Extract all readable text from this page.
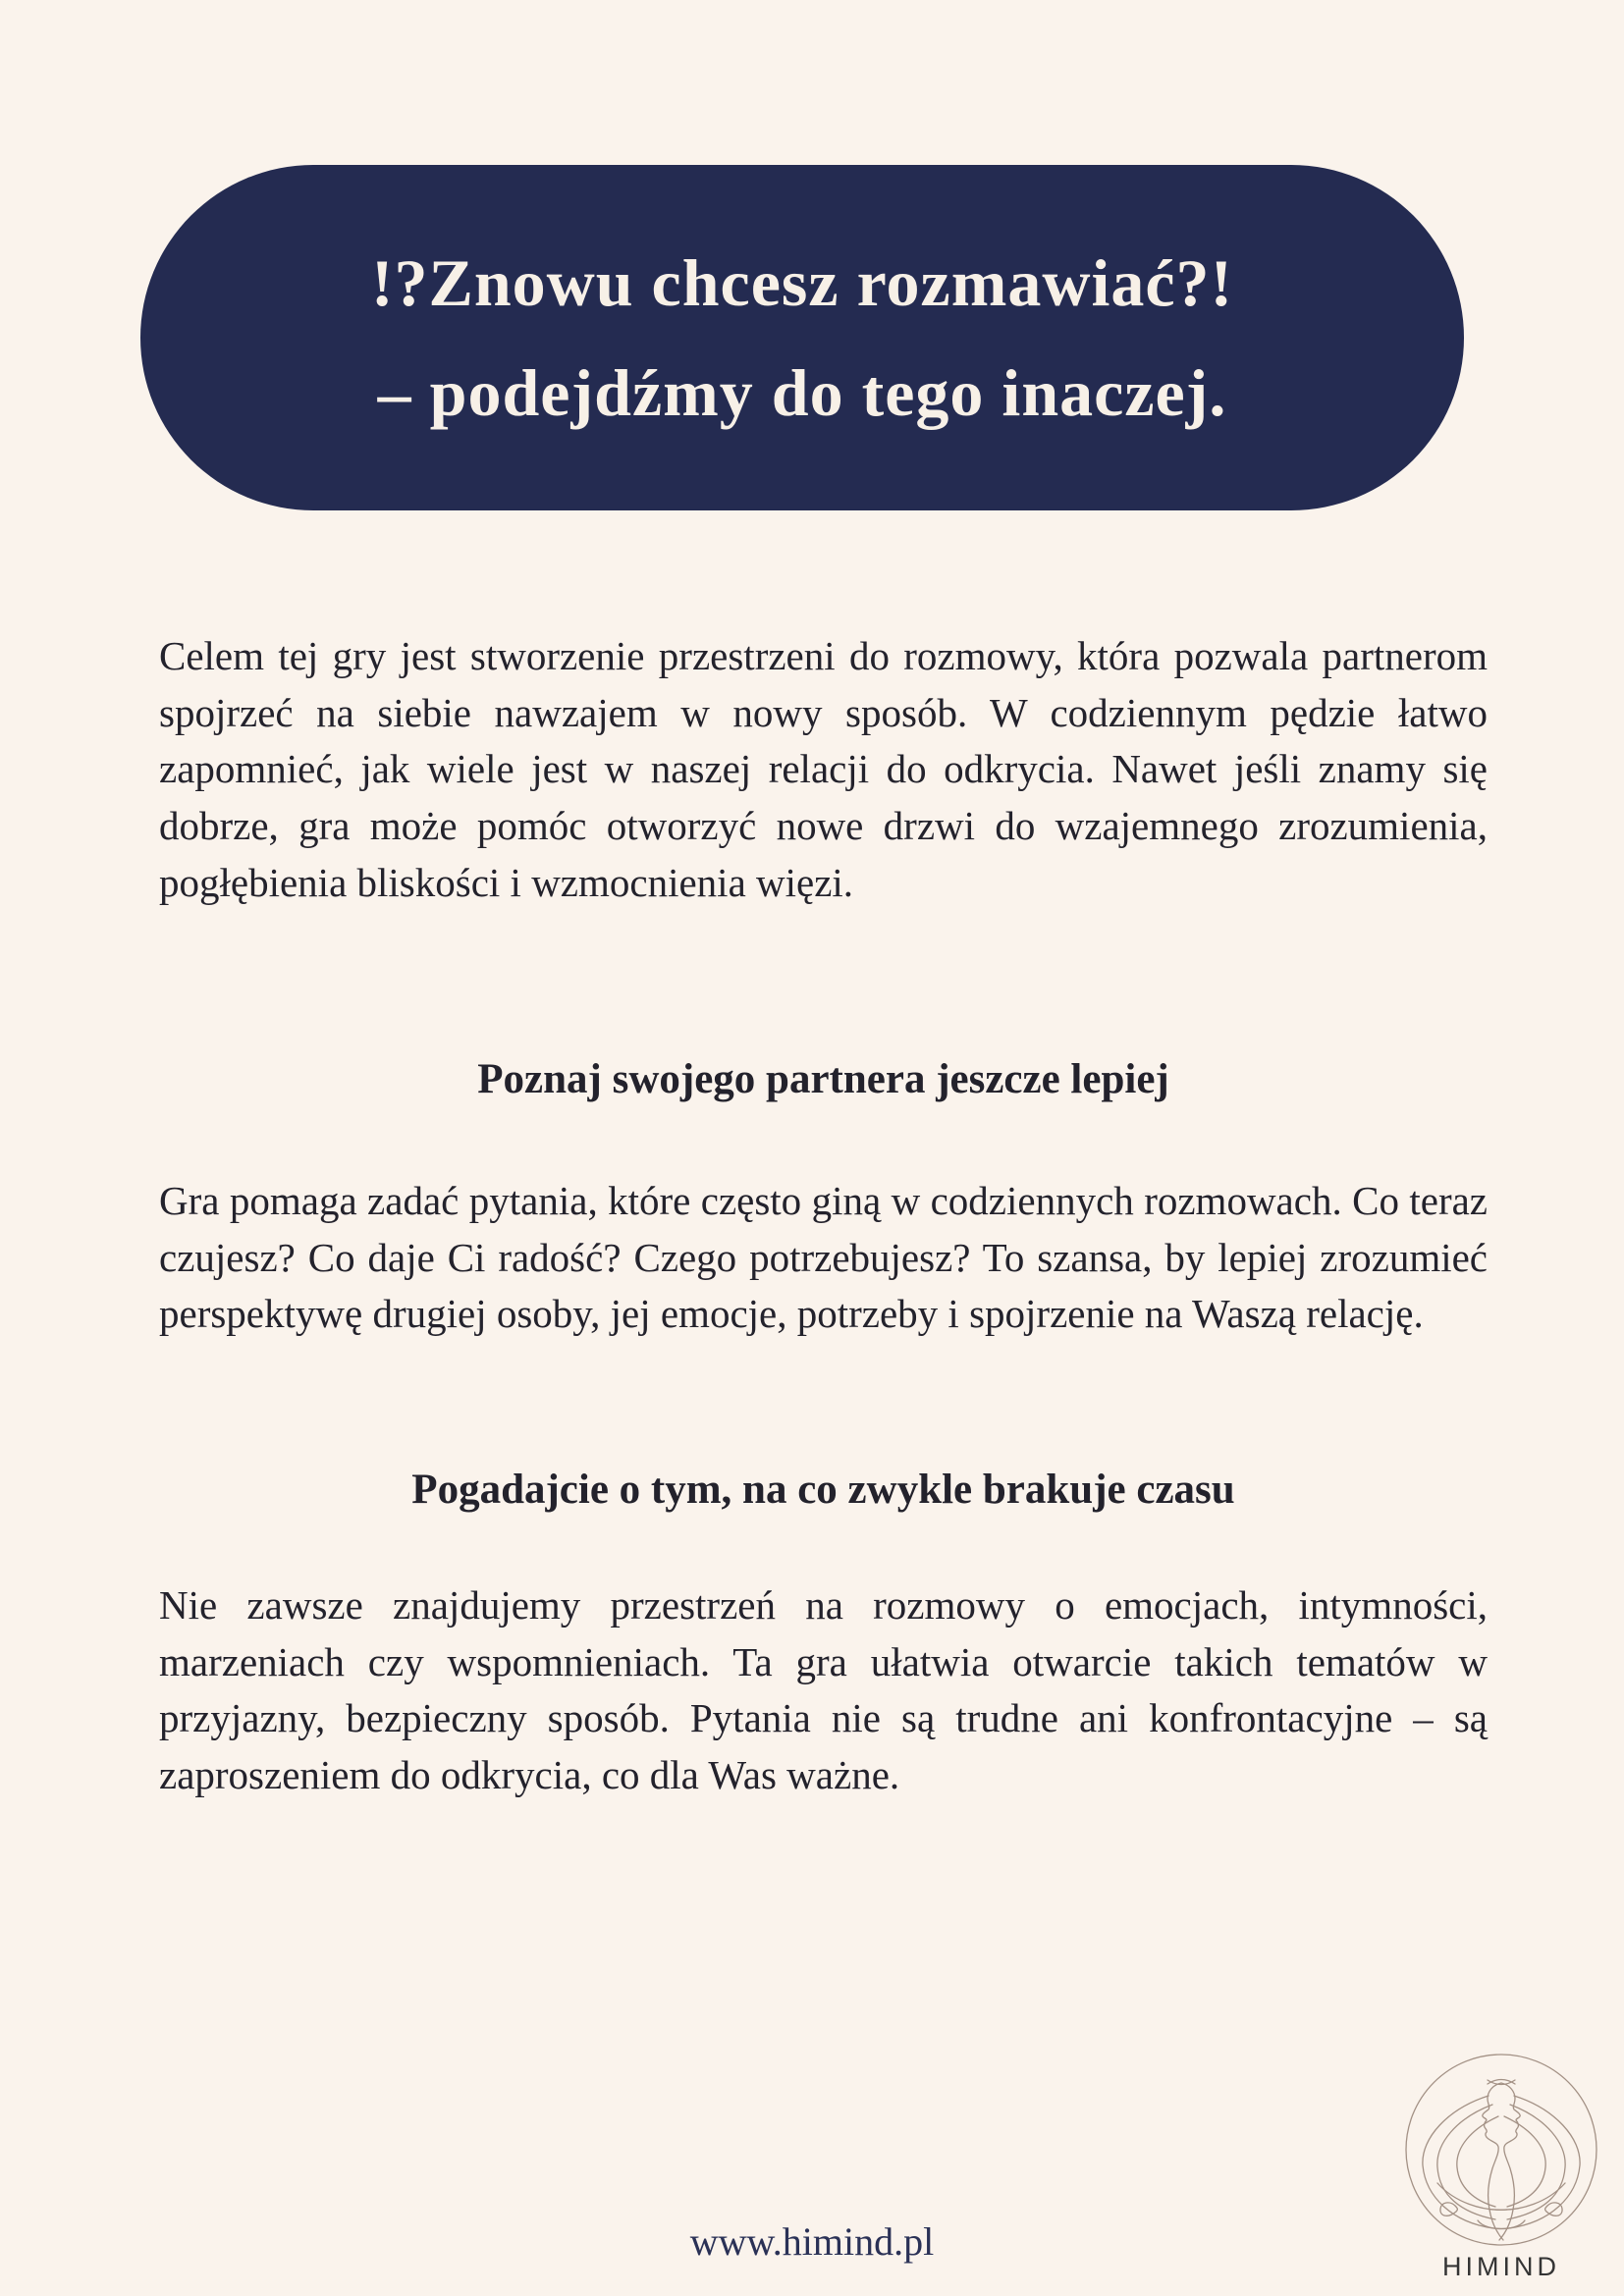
!?Znowu chcesz rozmawiać?!
– podejdźmy do tego inaczej.

Celem tej gry jest stworzenie przestrzeni do rozmowy, która pozwala partnerom spojrzeć na siebie nawzajem w nowy sposób. W codziennym pędzie łatwo zapomnieć, jak wiele jest w naszej relacji do odkrycia. Nawet jeśli znamy się dobrze, gra może pomóc otworzyć nowe drzwi do wzajemnego zrozumienia, pogłębienia bliskości i wzmocnienia więzi.

Poznaj swojego partnera jeszcze lepiej

Gra pomaga zadać pytania, które często giną w codziennych rozmowach. Co teraz czujesz? Co daje Ci radość? Czego potrzebujesz? To szansa, by lepiej zrozumieć perspektywę drugiej osoby, jej emocje, potrzeby i spojrzenie na Waszą relację.

Pogadajcie o tym, na co zwykle brakuje czasu

Nie zawsze znajdujemy przestrzeń na rozmowy o emocjach, intymności, marzeniach czy wspomnieniach. Ta gra ułatwia otwarcie takich tematów w przyjazny, bezpieczny sposób. Pytania nie są trudne ani konfrontacyjne – są zaproszeniem do odkrycia, co dla Was ważne.

www.himind.pl
HIMIND
